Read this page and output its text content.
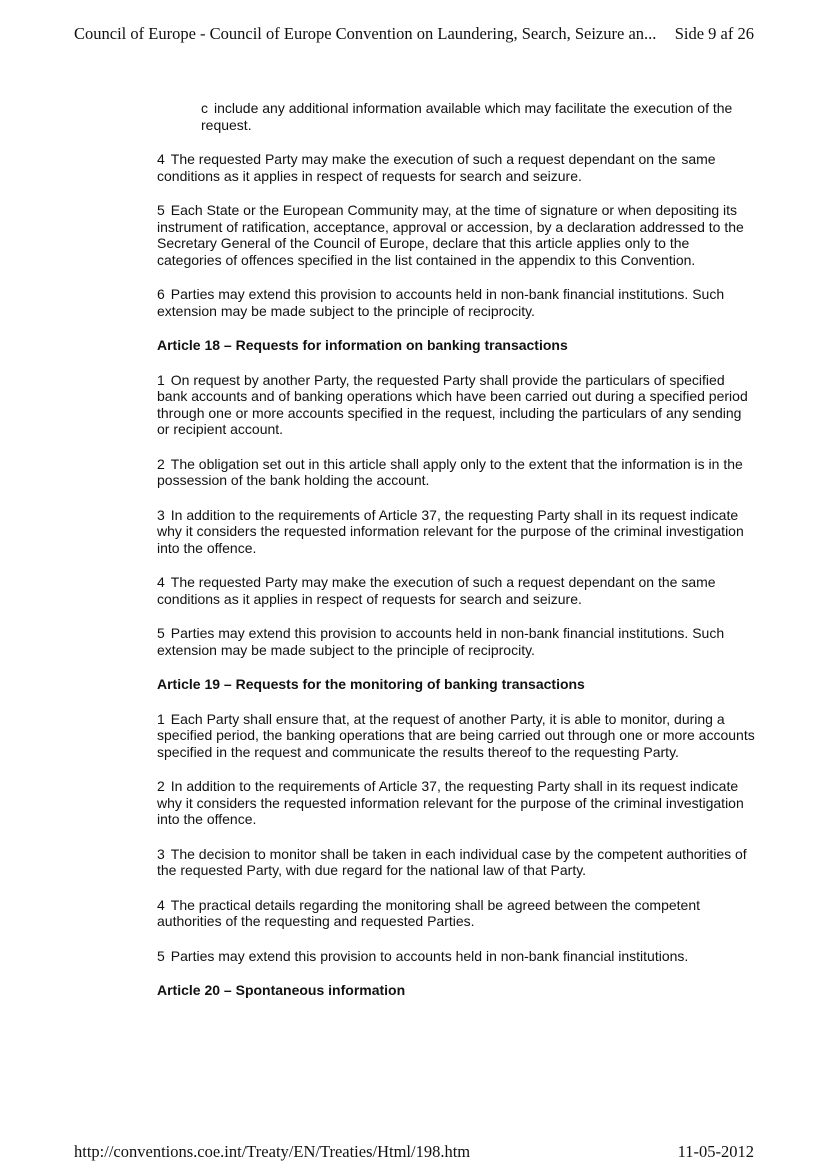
Council of Europe - Council of Europe Convention on Laundering, Search, Seizure an... Side 9 af 26

c include any additional information available which may facilitate the execution of the request.

4 The requested Party may make the execution of such a request dependant on the same conditions as it applies in respect of requests for search and seizure.

5 Each State or the European Community may, at the time of signature or when depositing its instrument of ratification, acceptance, approval or accession, by a declaration addressed to the Secretary General of the Council of Europe, declare that this article applies only to the categories of offences specified in the list contained in the appendix to this Convention.

6 Parties may extend this provision to accounts held in non-bank financial institutions. Such extension may be made subject to the principle of reciprocity.

Article 18 – Requests for information on banking transactions

1 On request by another Party, the requested Party shall provide the particulars of specified bank accounts and of banking operations which have been carried out during a specified period through one or more accounts specified in the request, including the particulars of any sending or recipient account.

2 The obligation set out in this article shall apply only to the extent that the information is in the possession of the bank holding the account.

3 In addition to the requirements of Article 37, the requesting Party shall in its request indicate why it considers the requested information relevant for the purpose of the criminal investigation into the offence.

4 The requested Party may make the execution of such a request dependant on the same conditions as it applies in respect of requests for search and seizure.

5 Parties may extend this provision to accounts held in non-bank financial institutions. Such extension may be made subject to the principle of reciprocity.

Article 19 – Requests for the monitoring of banking transactions

1 Each Party shall ensure that, at the request of another Party, it is able to monitor, during a specified period, the banking operations that are being carried out through one or more accounts specified in the request and communicate the results thereof to the requesting Party.

2 In addition to the requirements of Article 37, the requesting Party shall in its request indicate why it considers the requested information relevant for the purpose of the criminal investigation into the offence.

3 The decision to monitor shall be taken in each individual case by the competent authorities of the requested Party, with due regard for the national law of that Party.

4 The practical details regarding the monitoring shall be agreed between the competent authorities of the requesting and requested Parties.

5 Parties may extend this provision to accounts held in non-bank financial institutions.

Article 20 – Spontaneous information

http://conventions.coe.int/Treaty/EN/Treaties/Html/198.htm	11-05-2012
